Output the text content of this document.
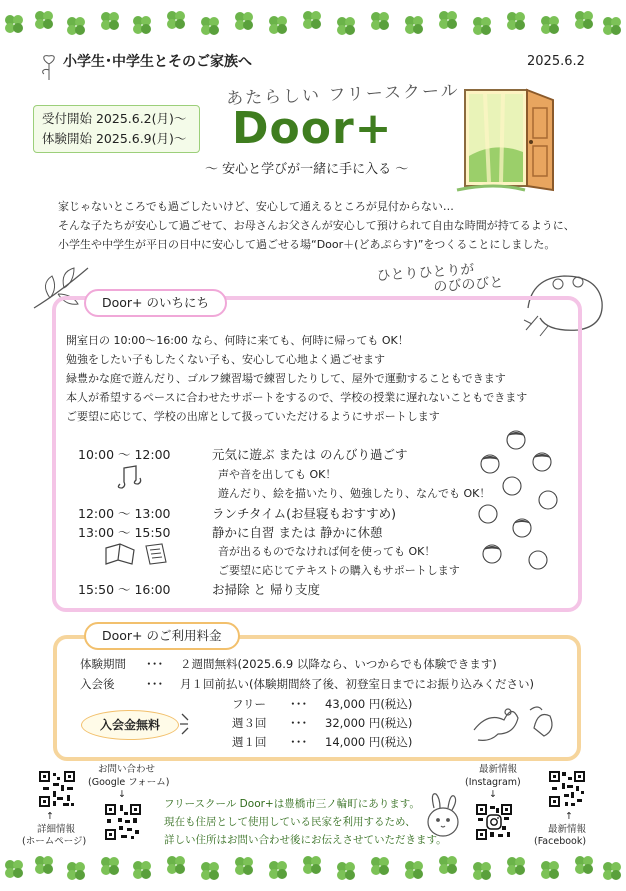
小学生･中学生とそのご家族へ	2025.6.2
受付開始 2025.6.2(月)〜
体験開始 2025.6.9(月)〜
あたらしい フリースクール
Door+
〜 安心と学びが一緒に手に入る 〜
家じゃないところでも過ごしたいけど、安心して通えるところが見付からない…
そんな子たちが安心して過ごせて、お母さんお父さんが安心して預けられて自由な時間が持てるように、
小学生や中学生が平日の日中に安心して過ごせる場“Door＋(どあぷらす)”をつくることにしました。
ひとりひとりが
のびのびと
Door+ のいちにち
開室日の 10:00〜16:00 なら、何時に来ても、何時に帰っても OK！
勉強をしたい子もしたくない子も、安心して心地よく過ごせます
緑豊かな庭で遊んだり、ゴルフ練習場で練習したりして、屋外で運動することもできます
本人が希望するペースに合わせたサポートをするので、学校の授業に遅れないこともできます
ご要望に応じて、学校の出席として扱っていただけるようにサポートします
10:00 〜 12:00	元気に遊ぶ または のんびり過ごす
声や音を出しても OK！
遊んだり、絵を描いたり、勉強したり、なんでも OK！
12:00 〜 13:00	ランチタイム(お昼寝もおすすめ)
13:00 〜 15:50	静かに自習 または 静かに休憩
音が出るものでなければ何を使っても OK！
ご要望に応じてテキストの購入もサポートします
15:50 〜 16:00	お掃除 と 帰り支度
Door+ のご利用料金
体験期間 ･･･ ２週間無料(2025.6.9 以降なら、いつからでも体験できます)
入会後	･･･ 月１回前払い(体験期間終了後、初登室日までにお振り込みください)
入会金無料
フリー ･･･ 43,000 円(税込)
週３回 ･･･ 32,000 円(税込)
週１回 ･･･ 14,000 円(税込)
↑
詳細情報
(ホームページ)
お問い合わせ
(Google フォーム)
↓
フリースクール Door+は豊橋市三ノ輪町にあります。
現在も住居として使用している民家を利用するため、
詳しい住所はお問い合わせ後にお伝えさせていただきます。
最新情報
(Instagram)
↓
↑
最新情報
(Facebook)
